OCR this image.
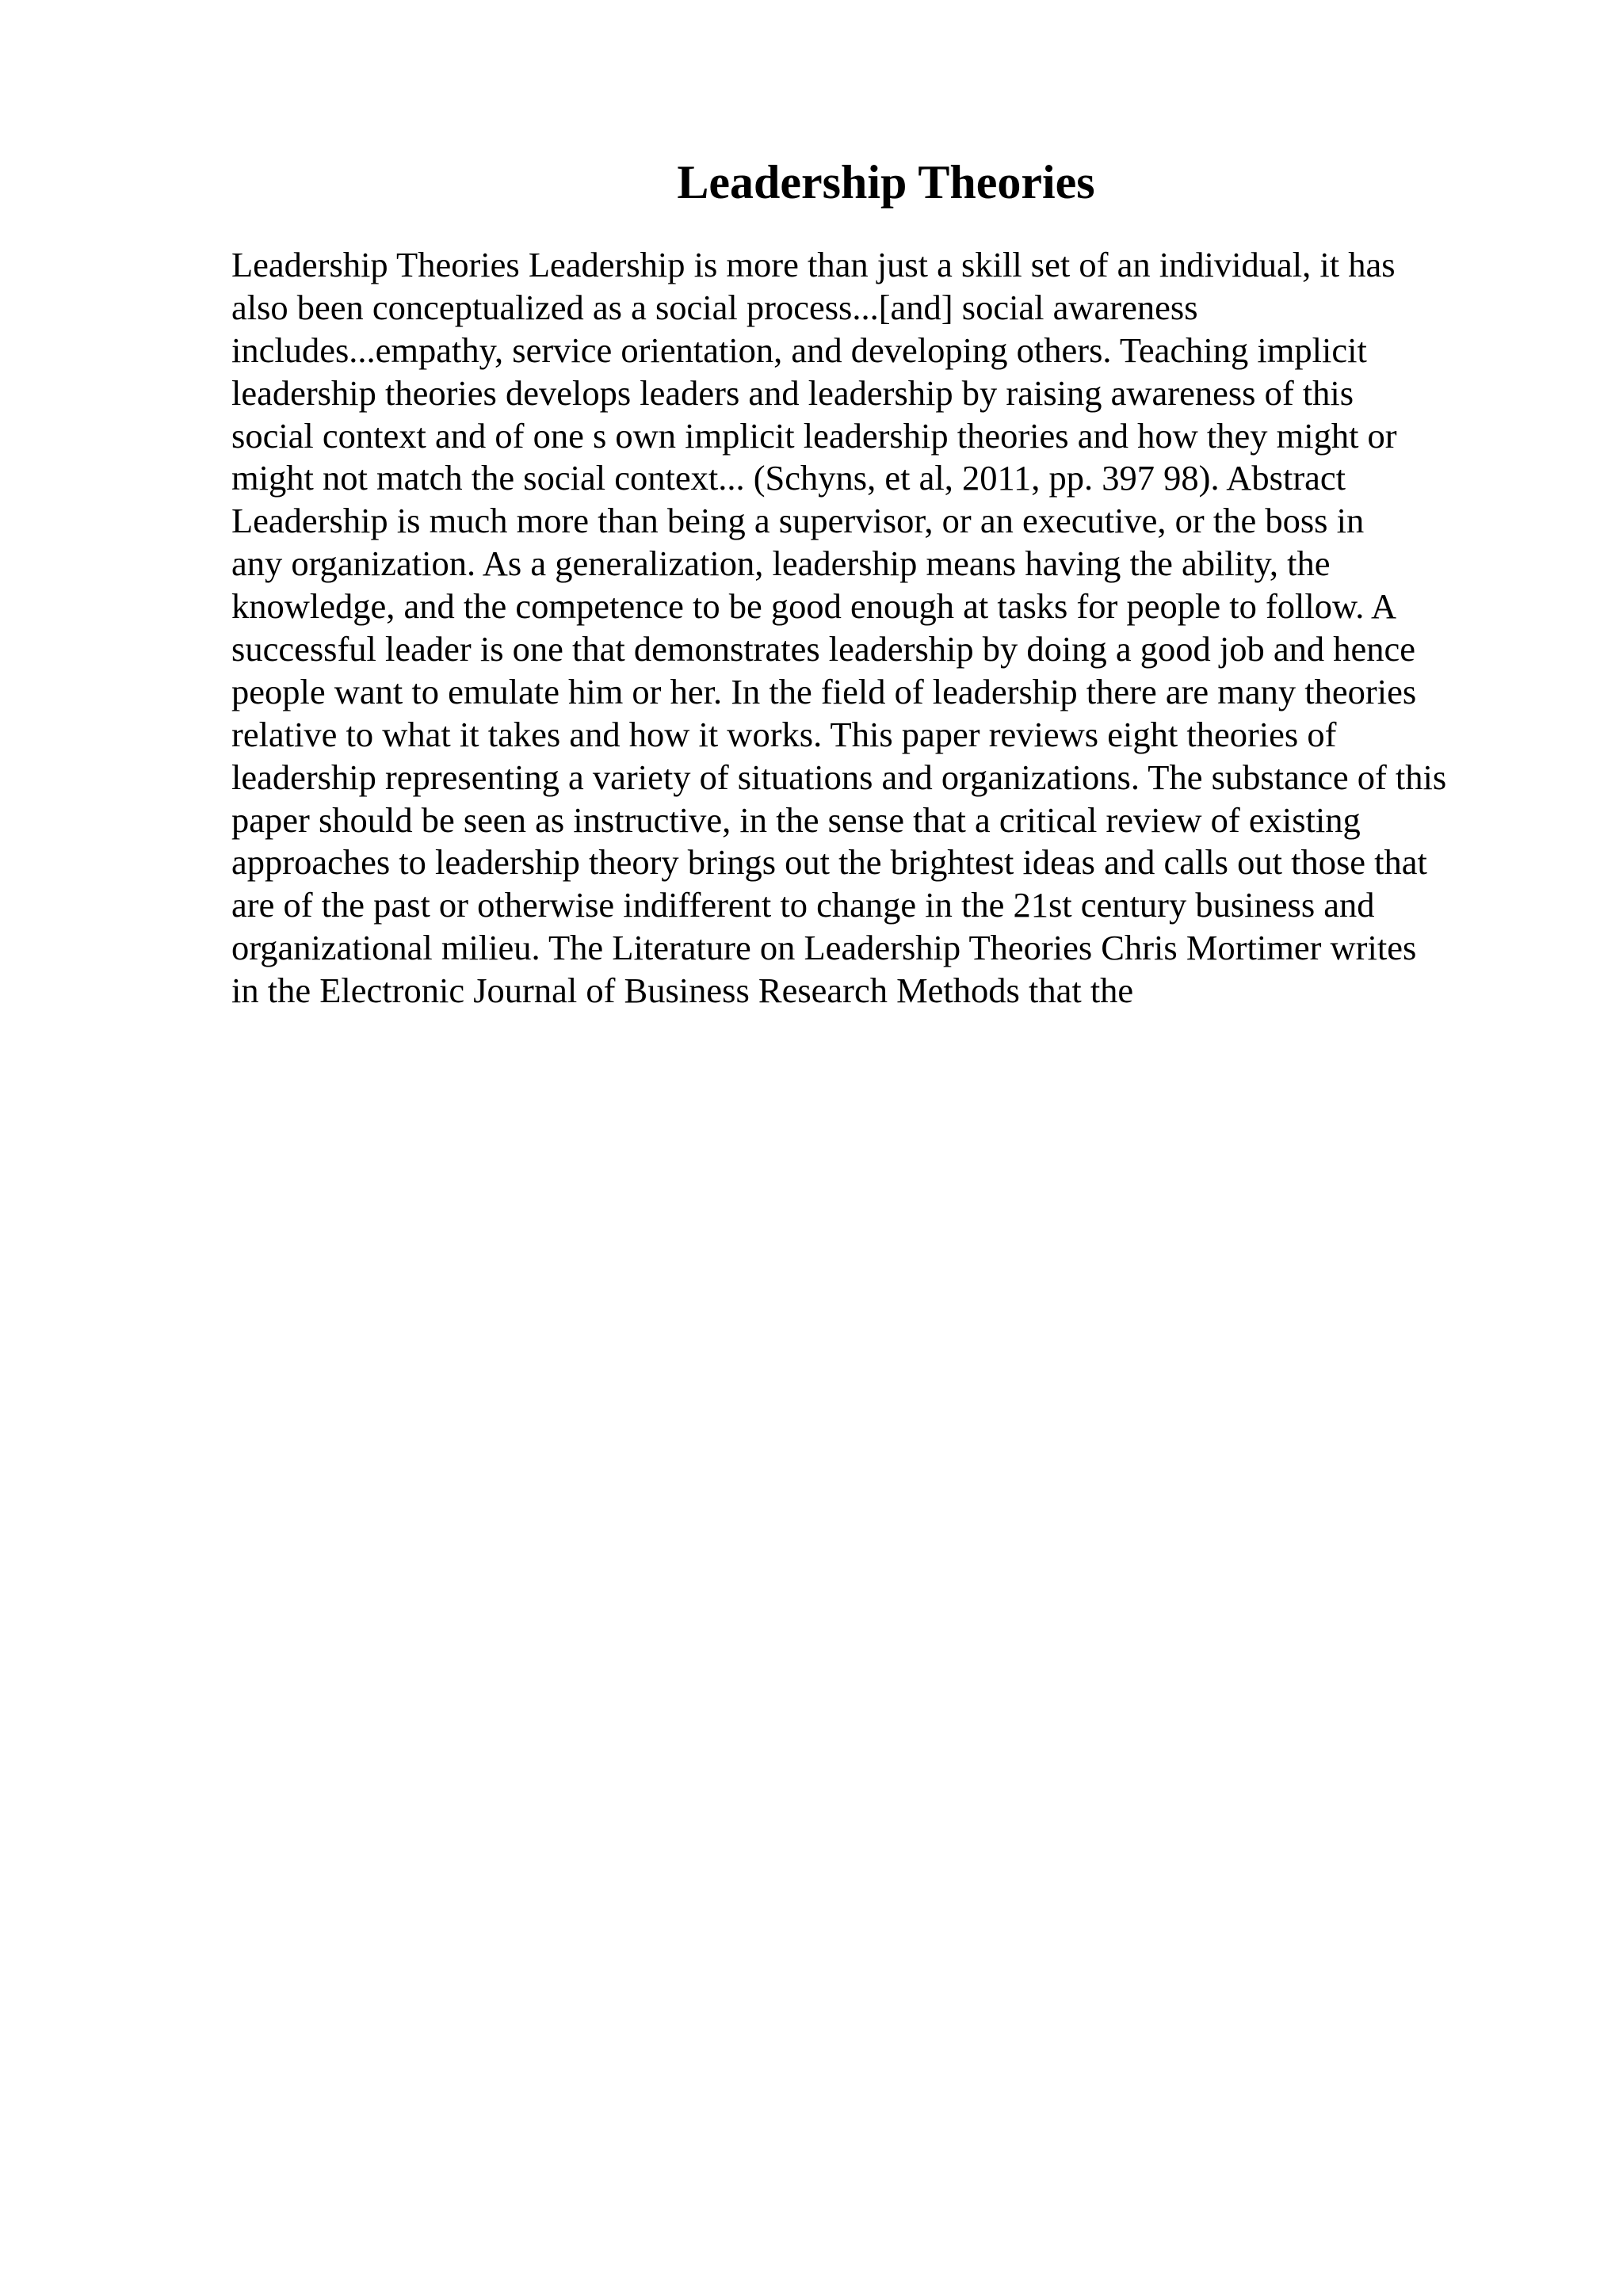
Leadership Theories
Leadership Theories Leadership is more than just a skill set of an individual, it has
also been conceptualized as a social process...[and] social awareness
includes...empathy, service orientation, and developing others. Teaching implicit
leadership theories develops leaders and leadership by raising awareness of this
social context and of one s own implicit leadership theories and how they might or
might not match the social context... (Schyns, et al, 2011, pp. 397 98). Abstract
Leadership is much more than being a supervisor, or an executive, or the boss in
any organization. As a generalization, leadership means having the ability, the
knowledge, and the competence to be good enough at tasks for people to follow. A
successful leader is one that demonstrates leadership by doing a good job and hence
people want to emulate him or her. In the field of leadership there are many theories
relative to what it takes and how it works. This paper reviews eight theories of
leadership representing a variety of situations and organizations. The substance of this
paper should be seen as instructive, in the sense that a critical review of existing
approaches to leadership theory brings out the brightest ideas and calls out those that
are of the past or otherwise indifferent to change in the 21st century business and
organizational milieu. The Literature on Leadership Theories Chris Mortimer writes
in the Electronic Journal of Business Research Methods that the
